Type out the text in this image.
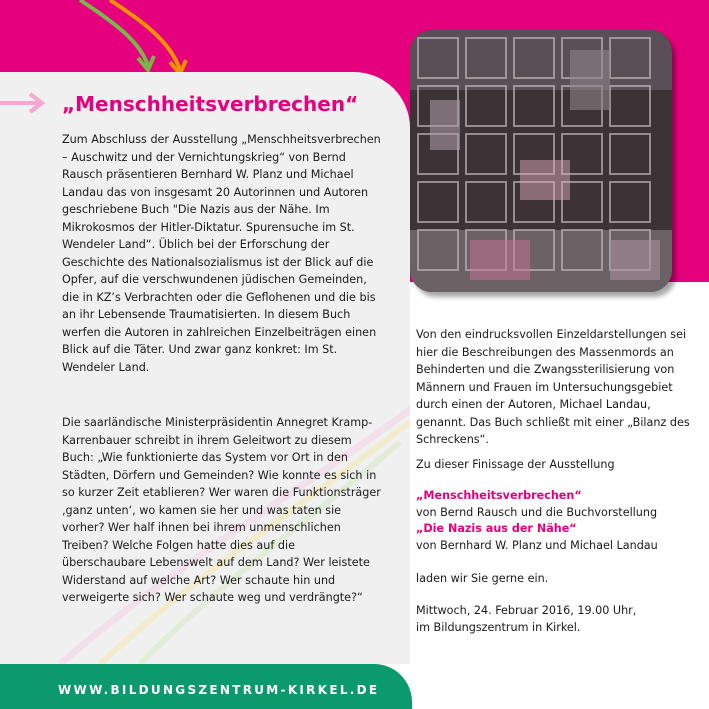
„Menschheitsverbrechen“

Zum Abschluss der Ausstellung „Menschheitsverbrechen – Auschwitz und der Vernichtungskrieg“ von Bernd Rausch präsentieren Bernhard W. Planz und Michael Landau das von insgesamt 20 Autorinnen und Autoren geschriebene Buch "Die Nazis aus der Nähe. Im Mikrokosmos der Hitler-Diktatur. Spurensuche im St. Wendeler Land“. Üblich bei der Erforschung der Geschichte des Nationalsozialismus ist der Blick auf die Opfer, auf die verschwundenen jüdischen Gemeinden, die in KZ’s Verbrachten oder die Geflohenen und die bis an ihr Lebensende Traumatisierten. In diesem Buch werfen die Autoren in zahlreichen Einzelbeiträgen einen Blick auf die Täter. Und zwar ganz konkret: Im St. Wendeler Land.

Die saarländische Ministerpräsidentin Annegret Kramp-Karrenbauer schreibt in ihrem Geleitwort zu diesem Buch: „Wie funktionierte das System vor Ort in den Städten, Dörfern und Gemeinden? Wie konnte es sich in so kurzer Zeit etablieren? Wer waren die Funktionsträger ‚ganz unten‘, wo kamen sie her und was taten sie vorher? Wer half ihnen bei ihrem unmenschlichen Treiben? Welche Folgen hatte dies auf die überschaubare Lebenswelt auf dem Land? Wer leistete Widerstand auf welche Art? Wer schaute hin und verweigerte sich? Wer schaute weg und verdrängte?“

Von den eindrucksvollen Einzeldarstellungen sei hier die Beschreibungen des Massenmords an Behinderten und die Zwangssterilisierung von Männern und Frauen im Untersuchungsgebiet durch einen der Autoren, Michael Landau, genannt. Das Buch schließt mit einer „Bilanz des Schreckens“.

Zu dieser Finissage der Ausstellung

„Menschheitsverbrechen“

von Bernd Rausch und die Buchvorstellung

„Die Nazis aus der Nähe“

von Bernhard W. Planz und Michael Landau

laden wir Sie gerne ein.

Mittwoch, 24. Februar 2016, 19.00 Uhr,

im Bildungszentrum in Kirkel.

WWW.BILDUNGSZENTRUM-KIRKEL.DE
